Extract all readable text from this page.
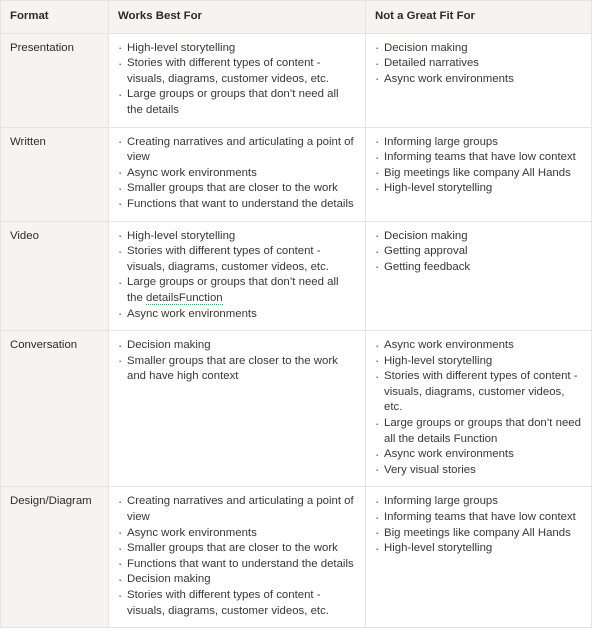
Format	Works Best For	Not a Great Fit For
Presentation	
·High-level storytelling
· Stories with different types of content - visuals, diagrams, customer videos, etc.
· Large groups or groups that don’t need all the details

· Decision making
· Detailed narratives
· Async work environments

Written	
·Creating narratives and articulating a point of view
· Async work environments
· Smaller groups that are closer to the work
· Functions that want to understand the details

· Informing large groups
· Informing teams that have low context
· Big meetings like company All Hands
· High-level storytelling

Video	
·High-level storytelling
· Stories with different types of content - visuals, diagrams, customer videos, etc.
· Large groups or groups that don’t need all the detailsFunction
· Async work environments

· Decision making
· Getting approval
· Getting feedback

Conversation	
·Decision making
· Smaller groups that are closer to the work and have high context

· Async work environments
· High-level storytelling
· Stories with different types of content - visuals, diagrams, customer videos, etc.
· Large groups or groups that don’t need all the details Function
· Async work environments
· Very visual stories

Design/Diagram	
·Creating narratives and articulating a point of view
· Async work environments
· Smaller groups that are closer to the work
· Functions that want to understand the details
· Decision making
· Stories with different types of content - visuals, diagrams, customer videos, etc.

· Informing large groups
· Informing teams that have low context
· Big meetings like company All Hands
· High-level storytelling
